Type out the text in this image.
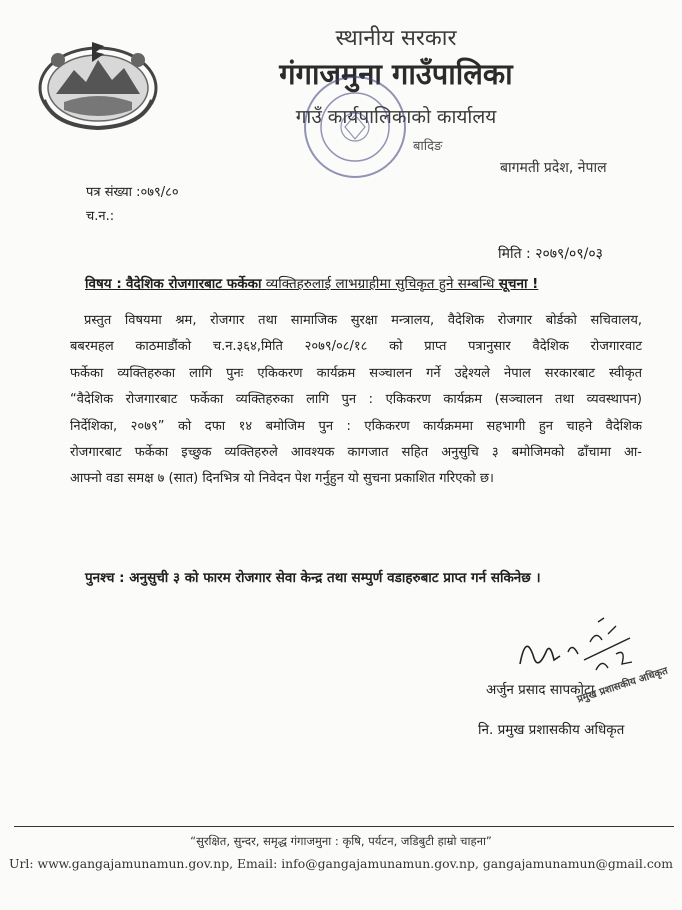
स्थानीय सरकार
गंगाजमुना गाउँपालिका
गाउँ कार्यपालिकाको कार्यालय
बादिङ
बागमती प्रदेश, नेपाल
पत्र संख्या :०७९/८०
च.न.:
मिति : २०७९/०९/०३
विषय : वैदेशिक रोजगारबाट फर्केका व्यक्तिहरुलाई लाभग्राहीमा सुचिकृत हुने सम्बन्धि सूचना !
प्रस्तुत विषयमा श्रम, रोजगार तथा सामाजिक सुरक्षा मन्त्रालय, वैदेशिक रोजगार बोर्डको सचिवालय,
बबरमहल काठमाडौंको च.न.३६४,मिति २०७९/०८/१८ को प्राप्त पत्रानुसार वैदेशिक रोजगारवाट
फर्केका व्यक्तिहरुका लागि पुनः एकिकरण कार्यक्रम सञ्चालन गर्ने उद्देश्यले नेपाल सरकारबाट स्वीकृत
“वैदेशिक रोजगारबाट फर्केका व्यक्तिहरुका लागि पुन : एकिकरण कार्यक्रम (सञ्चालन तथा व्यवस्थापन)
निर्देशिका, २०७९” को दफा १४ बमोजिम पुन : एकिकरण कार्यक्रममा सहभागी हुन चाहने वैदेशिक
रोजगारबाट फर्केका इच्छुक व्यक्तिहरुले आवश्यक कागजात सहित अनुसुचि ३ बमोजिमको ढाँचामा आ-
आफ्नो वडा समक्ष ७ (सात) दिनभित्र यो निवेदन पेश गर्नुहुन यो सुचना प्रकाशित गरिएको छ।
पुनश्च : अनुसुची ३ को फारम रोजगार सेवा केन्द्र तथा सम्पुर्ण वडाहरुबाट प्राप्त गर्न सकिनेछ ।
अर्जुन प्रसाद सापकोटा
प्रमुख प्रशासकीय अधिकृत
नि. प्रमुख प्रशासकीय अधिकृत
“सुरक्षित, सुन्दर, समृद्ध गंगाजमुना : कृषि, पर्यटन, जडिबुटी हाम्रो चाहना”
Url: www.gangajamunamun.gov.np, Email: info@gangajamunamun.gov.np, gangajamunamun@gmail.com
